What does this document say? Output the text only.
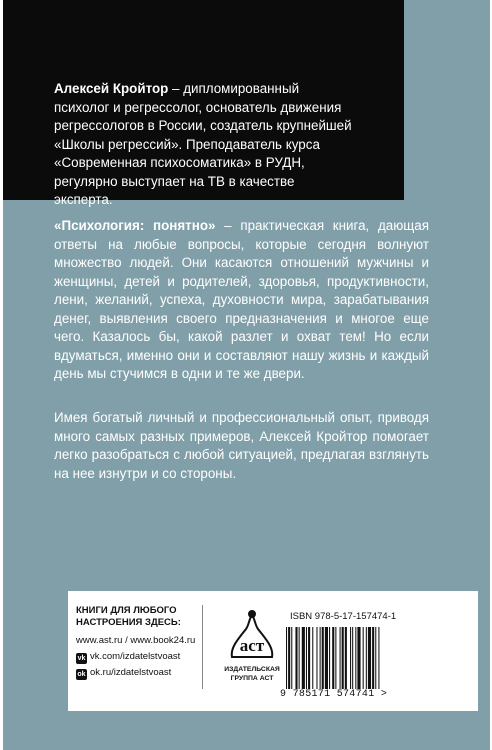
Алексей Кройтор – дипломированный
психолог и регрессолог, основатель движения
регрессологов в России, создатель крупнейшей
«Школы регрессий». Преподаватель курса
«Современная психосоматика» в РУДН,
регулярно выступает на ТВ в качестве
эксперта.

«Психология: понятно» – практическая книга, дающая ответы на любые вопросы, которые сегодня волнуют множество людей. Они касаются отношений мужчины и женщины, детей и родителей, здоровья, продуктивности, лени, желаний, успеха, духовности мира, зарабатывания денег, выявления своего предназначения и многое еще чего. Казалось бы, какой разлет и охват тем! Но если вдуматься, именно они и составляют нашу жизнь и каждый день мы стучимся в одни и те же двери.

Имея богатый личный и профессиональный опыт, приводя много самых разных примеров, Алексей Кройтор помогает легко разобраться с любой ситуацией, предлагая взглянуть на нее изнутри и со стороны.

КНИГИ ДЛЯ ЛЮБОГО
НАСТРОЕНИЯ ЗДЕСЬ:
www.ast.ru / www.book24.ru
vk vk.com/izdatelstvoast
ok ok.ru/izdatelstvoast
аст
ИЗДАТЕЛЬСКАЯ
ГРУППА АСТ
ISBN 978-5-17-157474-1
9 785171 574741 >
